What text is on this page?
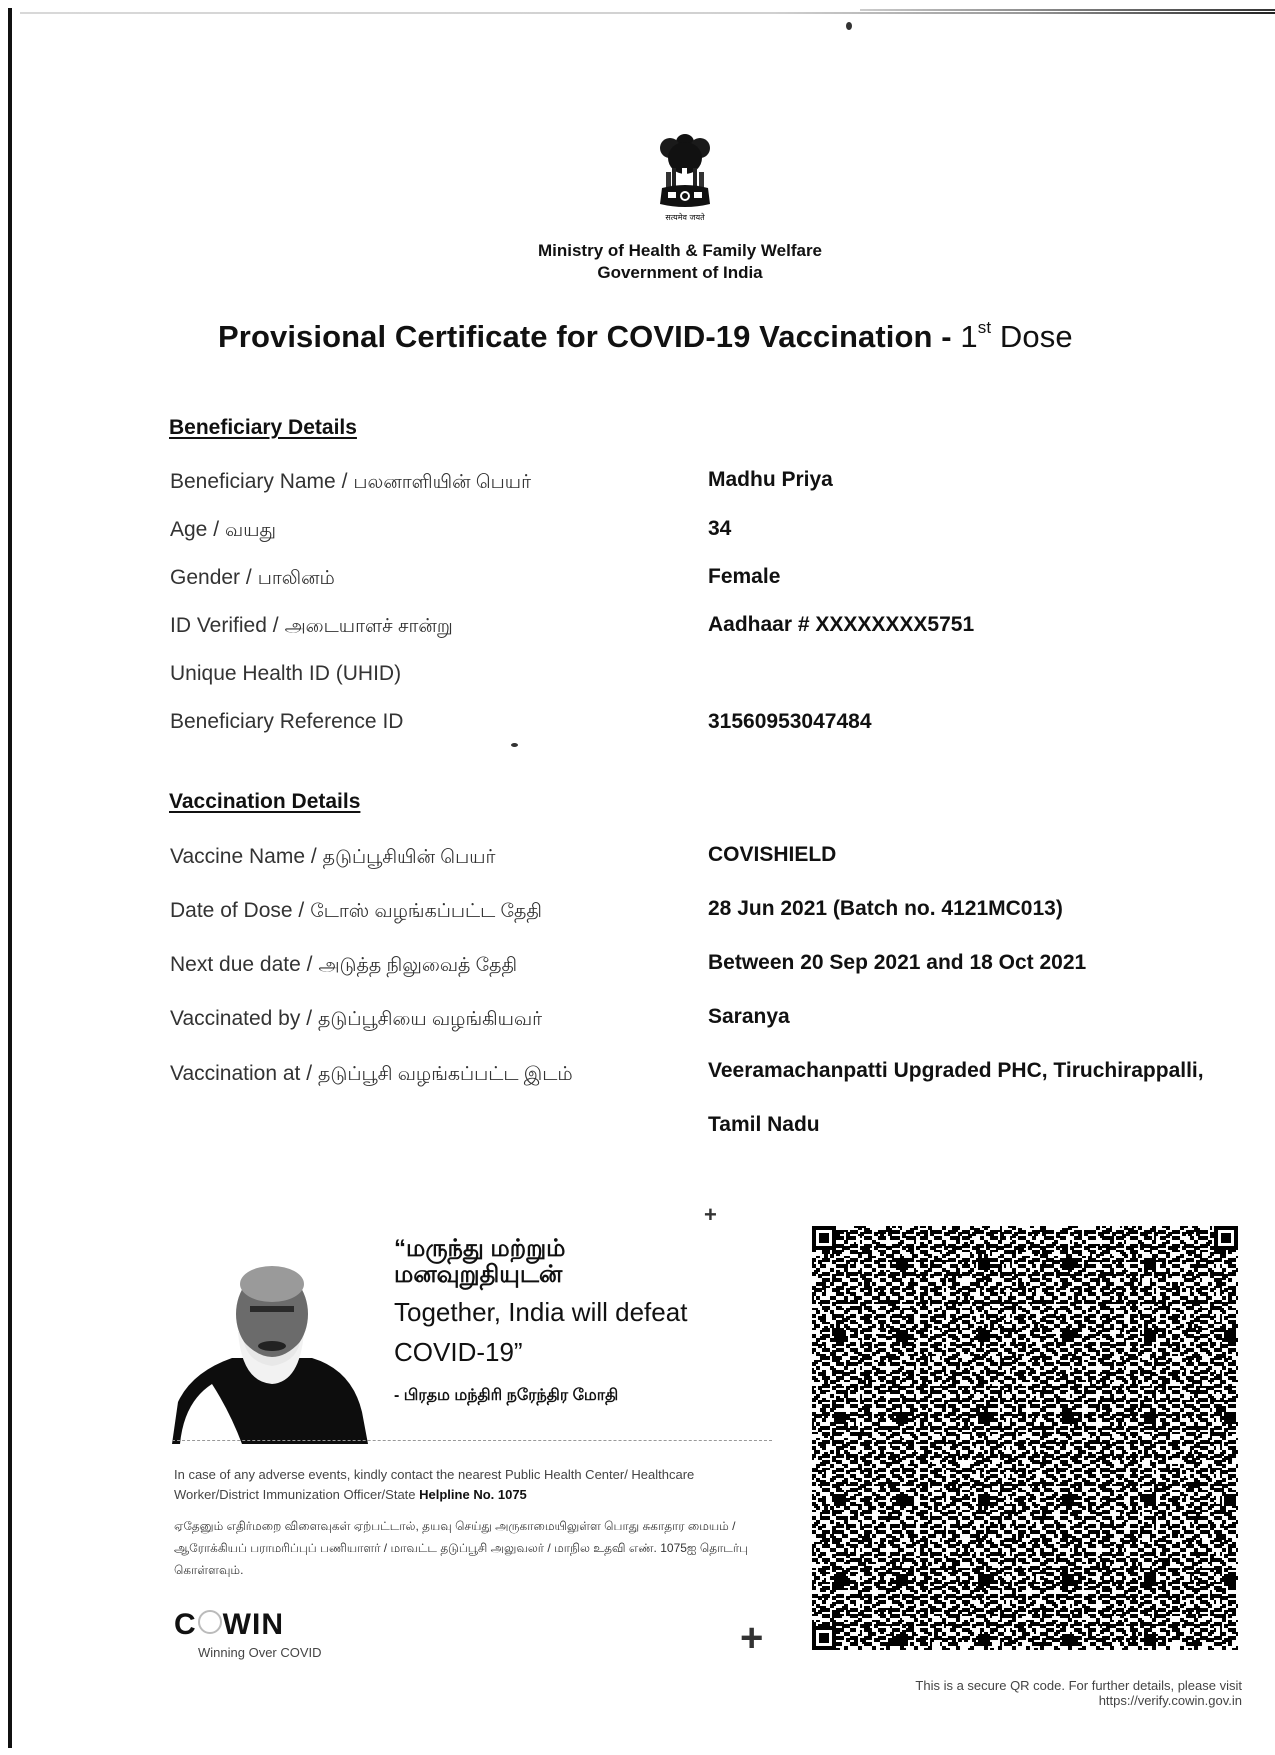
सत्यमेव जयते
Ministry of Health & Family Welfare
Government of India
Provisional Certificate for COVID-19 Vaccination - 1st Dose
Beneficiary Details
Beneficiary Name / பலனாளியின் பெயர்	Madhu Priya
Age / வயது	34
Gender / பாலினம்	Female
ID Verified / அடையாளச் சான்று	Aadhaar # XXXXXXXX5751
Unique Health ID (UHID)
Beneficiary Reference ID	31560953047484
Vaccination Details
Vaccine Name / தடுப்பூசியின் பெயர்	COVISHIELD
Date of Dose / டோஸ் வழங்கப்பட்ட தேதி	28 Jun 2021 (Batch no. 4121MC013)
Next due date / அடுத்த நிலுவைத் தேதி	Between 20 Sep 2021 and 18 Oct 2021
Vaccinated by / தடுப்பூசியை வழங்கியவர்	Saranya
Vaccination at / தடுப்பூசி வழங்கப்பட்ட இடம்	Veeramachanpatti Upgraded PHC, Tiruchirappalli,
Tamil Nadu
“மருந்து மற்றும்
மனவுறுதியுடன்
Together, India will defeat
COVID-19”
- பிரதம மந்திரி நரேந்திர மோதி
In case of any adverse events, kindly contact the nearest Public Health Center/ Healthcare Worker/District Immunization Officer/State Helpline No. 1075
ஏதேனும் எதிர்மறை விளைவுகள் ஏற்பட்டால், தயவு செய்து அருகாமையிலுள்ள பொது சுகாதார மையம் / ஆரோக்கியப் பராமரிப்புப் பணியாளர் / மாவட்ட தடுப்பூசி அலுவலர் / மாநில உதவி எண். 1075ஐ தொடர்பு கொள்ளவும்.
C WIN
Winning Over COVID
+
+
This is a secure QR code. For further details, please visit
https://verify.cowin.gov.in
